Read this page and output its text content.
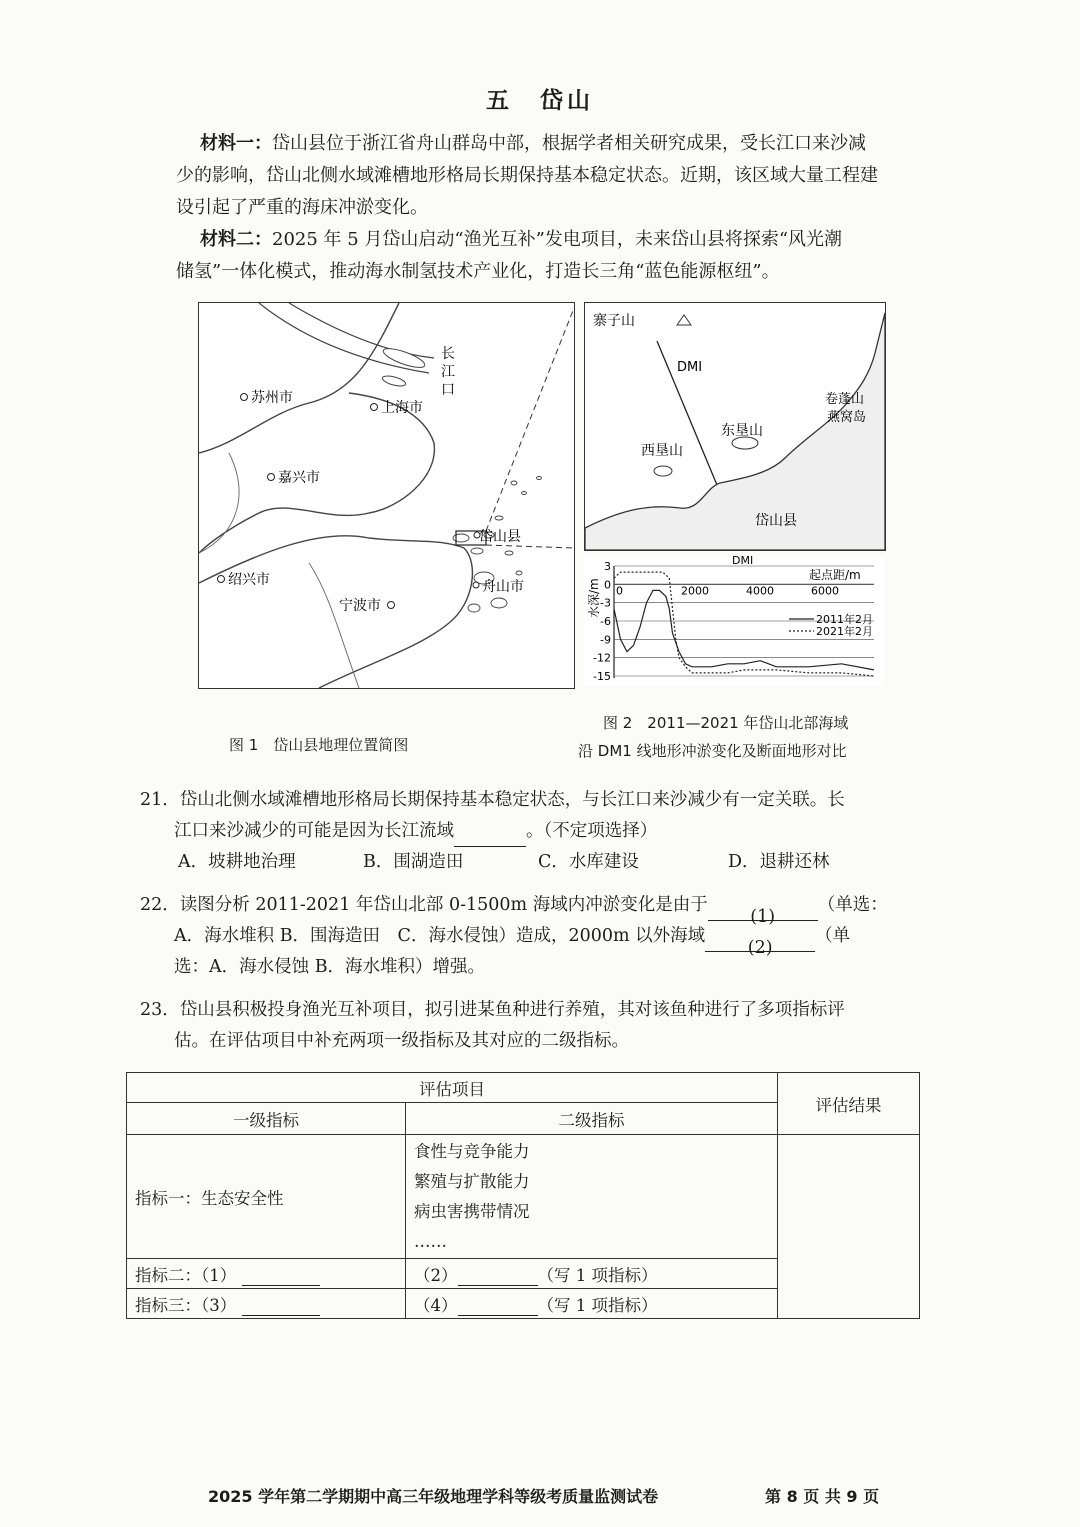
五　岱山
材料一：岱山县位于浙江省舟山群岛中部，根据学者相关研究成果，受长江口来沙减
少的影响，岱山北侧水域滩槽地形格局长期保持基本稳定状态。近期，该区域大量工程建
设引起了严重的海床冲淤变化。
材料二：2025 年 5 月岱山启动“渔光互补”发电项目，未来岱山县将探索“风光潮
储氢”一体化模式，推动海水制氢技术产业化，打造长三角“蓝色能源枢纽”。
苏州市
上海市
嘉兴市
绍兴市
宁波市
岱山县
舟山市
长
江
口
寨子山
DMI
东垦山
西垦山
卷蓬山
燕窝岛
岱山县
DMI
起点距/m
水深/m
3
0
-3
-6
-9
-12
-15
0	2000	4000	6000
2011年2月
2021年2月
图 1　岱山县地理位置简图
图 2　2011—2021 年岱山北部海域
沿 DM1 线地形冲淤变化及断面地形对比
21．岱山北侧水域滩槽地形格局长期保持基本稳定状态，与长江口来沙减少有一定关联。长
江口来沙减少的可能是因为长江流域	。（不定项选择）
A．坡耕地治理	B．围湖造田	C．水库建设	D．退耕还林
22．读图分析 2011-2021 年岱山北部 0-1500m 海域内冲淤变化是由于(1)（单选：
A．海水堆积 B．围海造田　C．海水侵蚀）造成，2000m 以外海域(2)（单
选：A．海水侵蚀 B．海水堆积）增强。
23．岱山县积极投身渔光互补项目，拟引进某鱼种进行养殖，其对该鱼种进行了多项指标评
估。在评估项目中补充两项一级指标及其对应的二级指标。
评估项目		评估结果
一级指标	二级指标	
指标一：生态安全性	食性与竞争能力
繁殖与扩散能力
病虫害携带情况
……	

指标二：（1）	（2） （写 1 项指标）	
指标三：（3）	（4） （写 1 项指标）	
2025 学年第二学期期中高三年级地理学科等级考质量监测试卷	第 8 页 共 9 页
